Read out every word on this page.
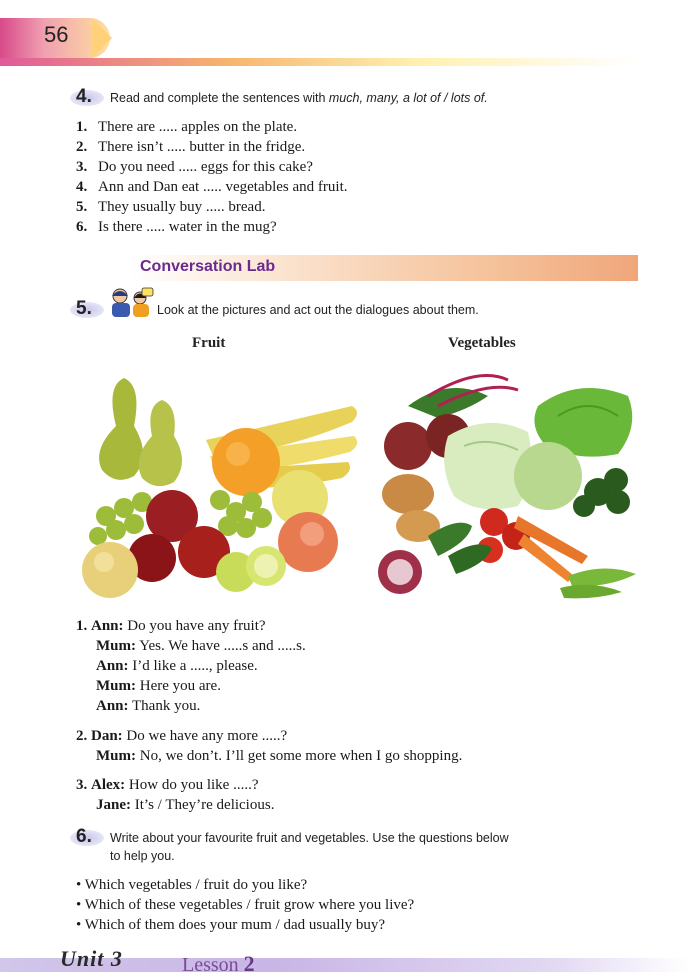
56
4. Read and complete the sentences with much, many, a lot of / lots of.
1. There are ..... apples on the plate.
2. There isn’t ..... butter in the fridge.
3. Do you need ..... eggs for this cake?
4. Ann and Dan eat ..... vegetables and fruit.
5. They usually buy ..... bread.
6. Is there ..... water in the mug?
Conversation Lab
5.	Look at the pictures and act out the dialogues about them.
Fruit	Vegetables
1. Ann: Do you have any fruit?
Mum: Yes. We have .....s and .....s.
Ann: I’d like a ....., please.
Mum: Here you are.
Ann: Thank you.
2. Dan: Do we have any more .....?
Mum: No, we don’t. I’ll get some more when I go shopping.
3. Alex: How do you like .....?
Jane: It’s / They’re delicious.
6. Write about your favourite fruit and vegetables. Use the questions below
to help you.
• Which vegetables / fruit do you like?
• Which of these vegetables / fruit grow where you live?
• Which of them does your mum / dad usually buy?
Unit 3	Lesson 2
